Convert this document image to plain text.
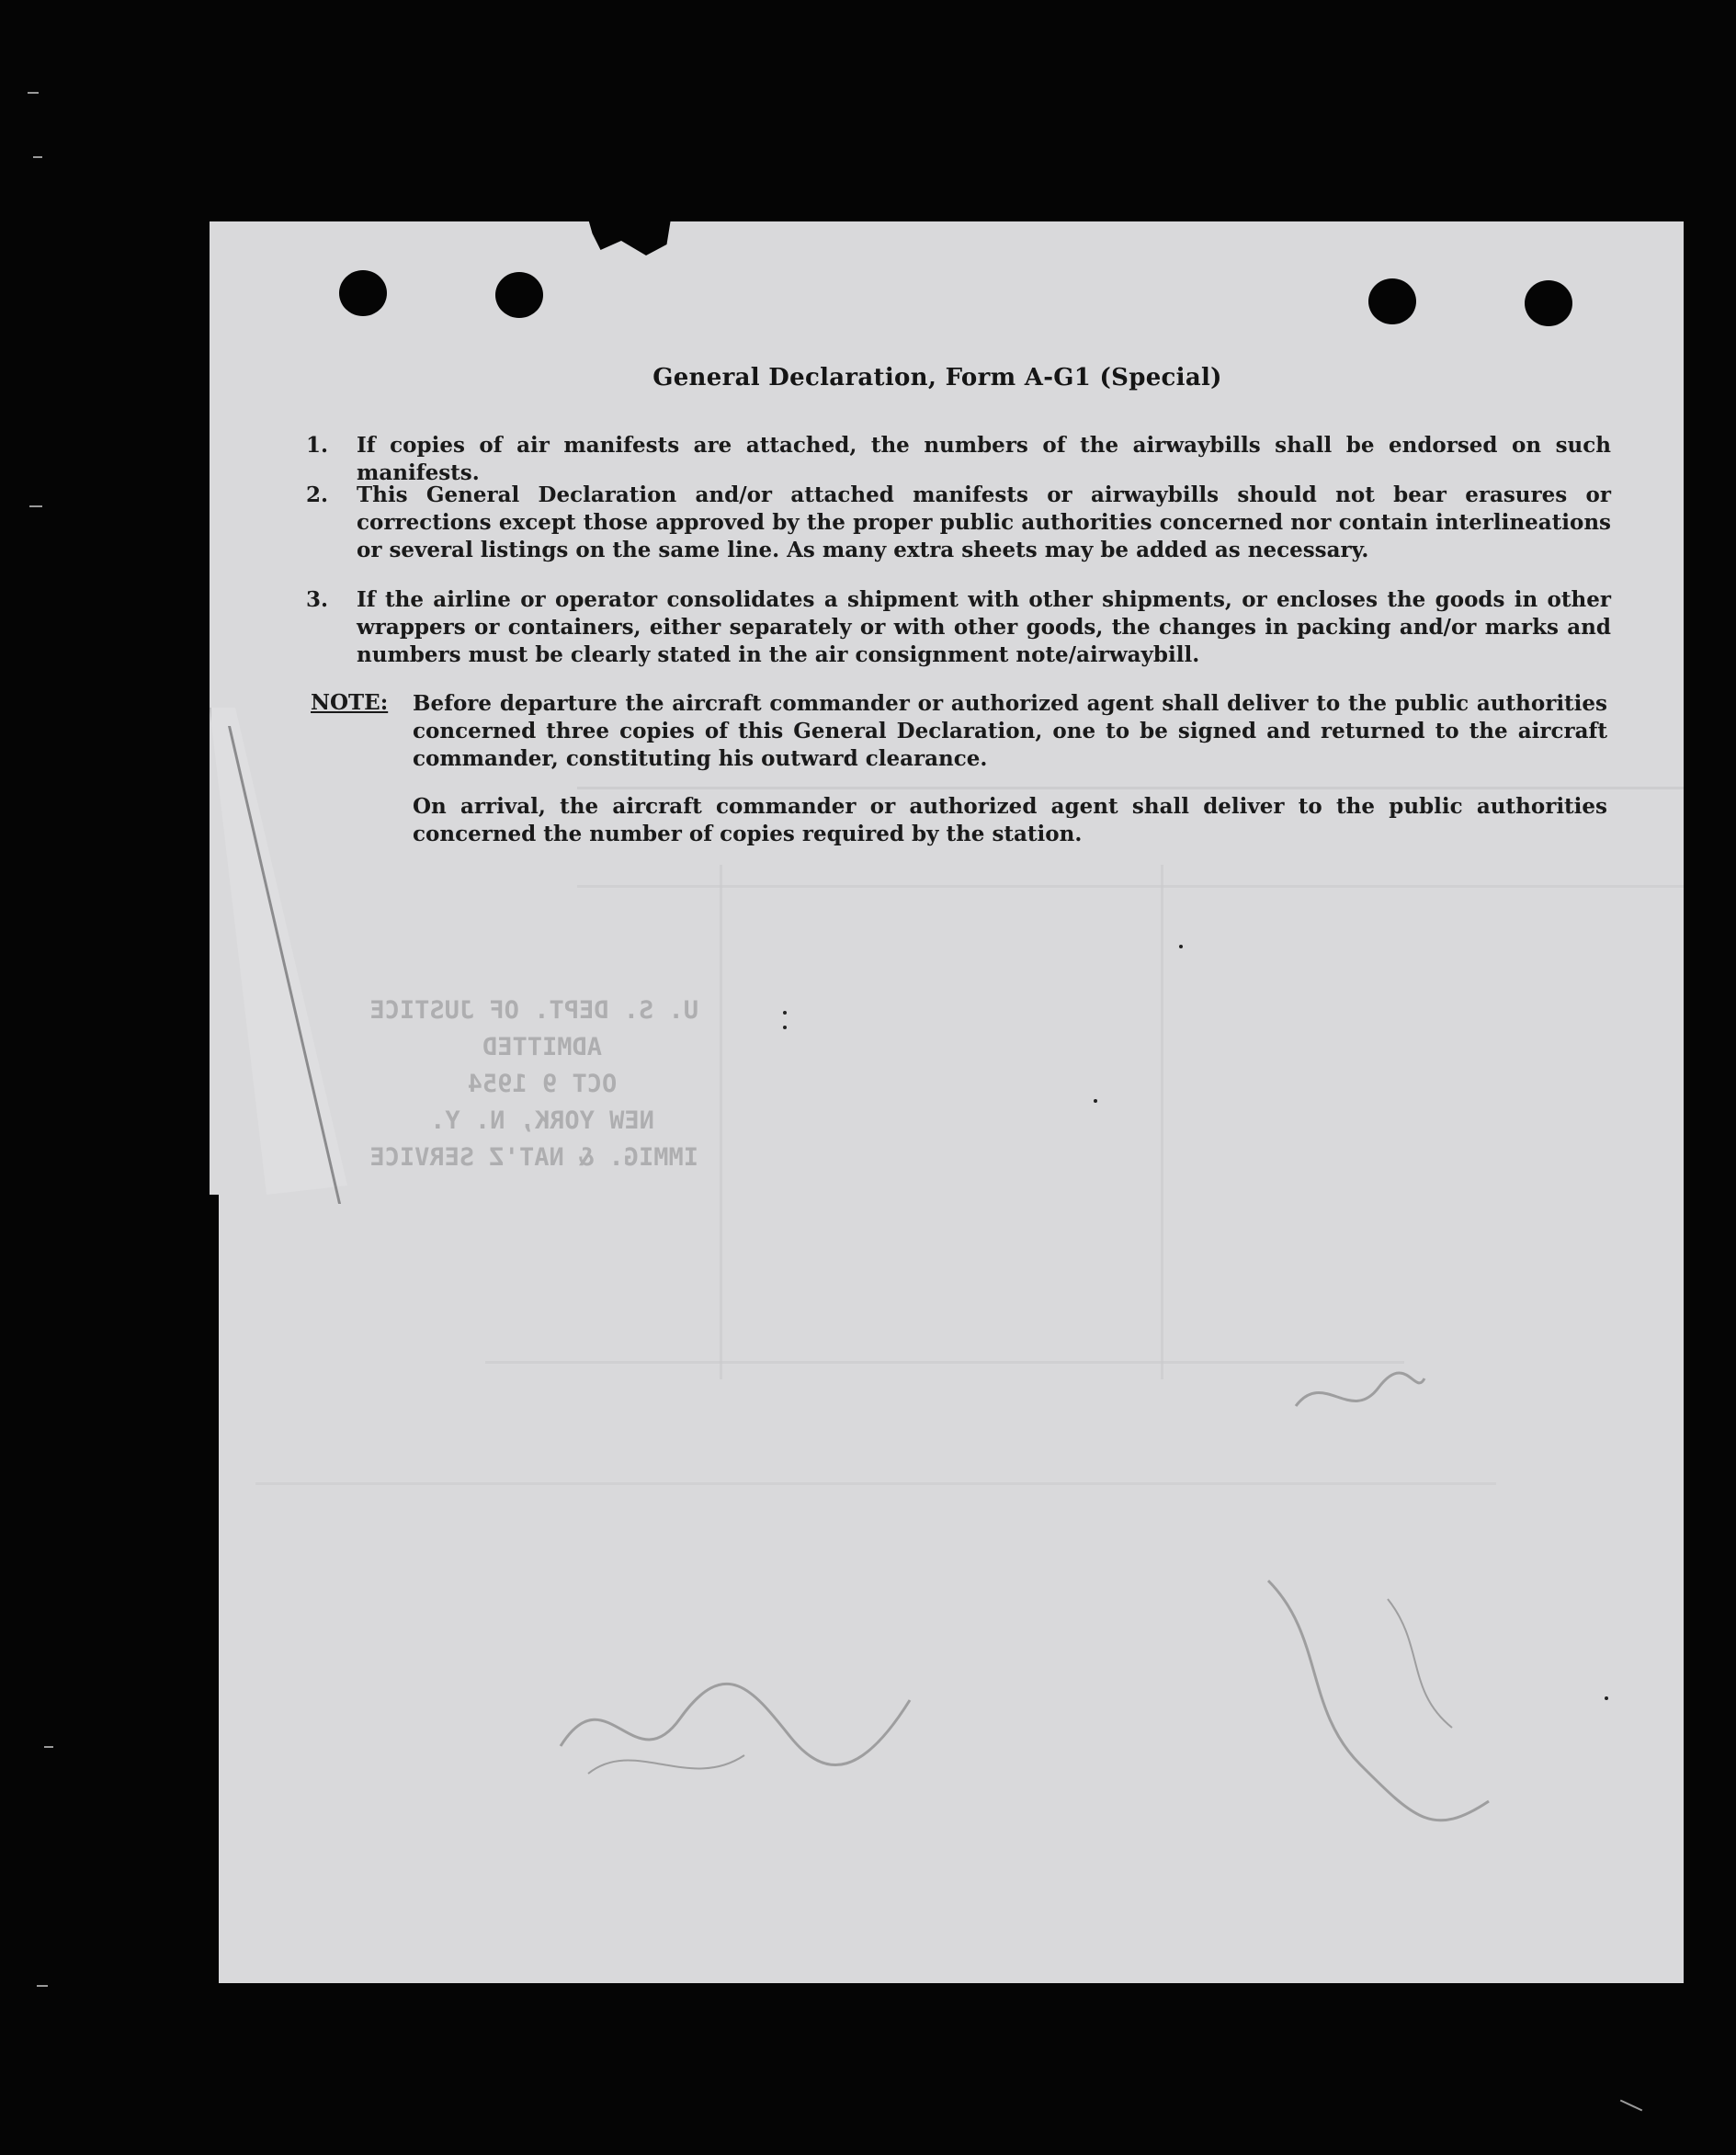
General Declaration, Form A-G1 (Special)
1.	If copies of air manifests are attached, the numbers of the airwaybills shall be endorsed on such manifests.
2.	This General Declaration and/or attached manifests or airwaybills should not bear erasures or corrections except those approved by the proper public authorities concerned nor contain interlineations or several listings on the same line. As many extra sheets may be added as necessary.
3.	If the airline or operator consolidates a shipment with other shipments, or encloses the goods in other wrappers or containers, either separately or with other goods, the changes in packing and/or marks and numbers must be clearly stated in the air consignment note/airwaybill.
NOTE: Before departure the aircraft commander or authorized agent shall deliver to the public authorities concerned three copies of this General Declaration, one to be signed and returned to the aircraft commander, constituting his outward clearance.
On arrival, the aircraft commander or authorized agent shall deliver to the public authorities concerned the number of copies required by the station.
U. S. DEPT. OF JUSTICE
ADMITTED
OCT 9 1954
NEW YORK, N. Y.
IMMIG. & NAT'Z SERVICE
